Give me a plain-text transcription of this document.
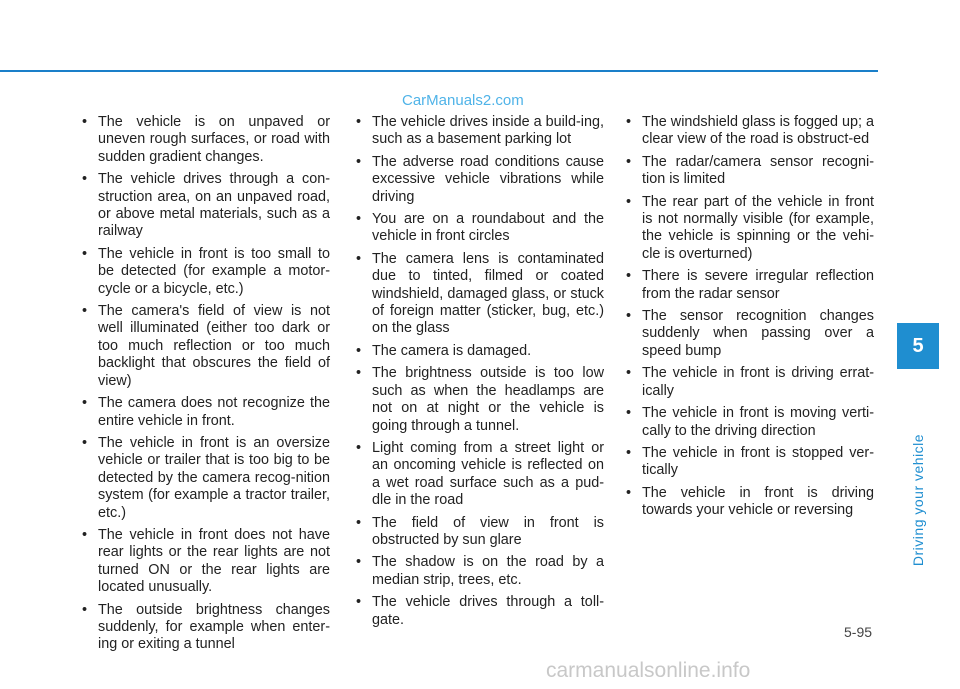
CarManuals2.com
• The vehicle is on unpaved or uneven rough surfaces, or road with sudden gradient changes.
• The vehicle drives through a con-struction area, on an unpaved road, or above metal materials, such as a railway
• The vehicle in front is too small to be detected (for example a motor-cycle or a bicycle, etc.)
• The camera's field of view is not well illuminated (either too dark or too much reflection or too much backlight that obscures the field of view)
• The camera does not recognize the entire vehicle in front.
• The vehicle in front is an oversize vehicle or trailer that is too big to be detected by the camera recog-nition system (for example a tractor trailer, etc.)
• The vehicle in front does not have rear lights or the rear lights are not turned ON or the rear lights are located unusually.
• The outside brightness changes suddenly, for example when enter-ing or exiting a tunnel
• The vehicle drives inside a build-ing, such as a basement parking lot
• The adverse road conditions cause excessive vehicle vibrations while driving
• You are on a roundabout and the vehicle in front circles
• The camera lens is contaminated due to tinted, filmed or coated windshield, damaged glass, or stuck of foreign matter (sticker, bug, etc.) on the glass
• The camera is damaged.
• The brightness outside is too low such as when the headlamps are not on at night or the vehicle is going through a tunnel.
• Light coming from a street light or an oncoming vehicle is reflected on a wet road surface such as a pud-dle in the road
• The field of view in front is obstructed by sun glare
• The shadow is on the road by a median strip, trees, etc.
• The vehicle drives through a toll-gate.
• The windshield glass is fogged up; a clear view of the road is obstruct-ed
• The radar/camera sensor recogni-tion is limited
• The rear part of the vehicle in front is not normally visible (for example, the vehicle is spinning or the vehi-cle is overturned)
• There is severe irregular reflection from the radar sensor
• The sensor recognition changes suddenly when passing over a speed bump
• The vehicle in front is driving errat-ically
• The vehicle in front is moving verti-cally to the driving direction
• The vehicle in front is stopped ver-tically
• The vehicle in front is driving towards your vehicle or reversing
5
Driving your vehicle
5-95
carmanualsonline.info
